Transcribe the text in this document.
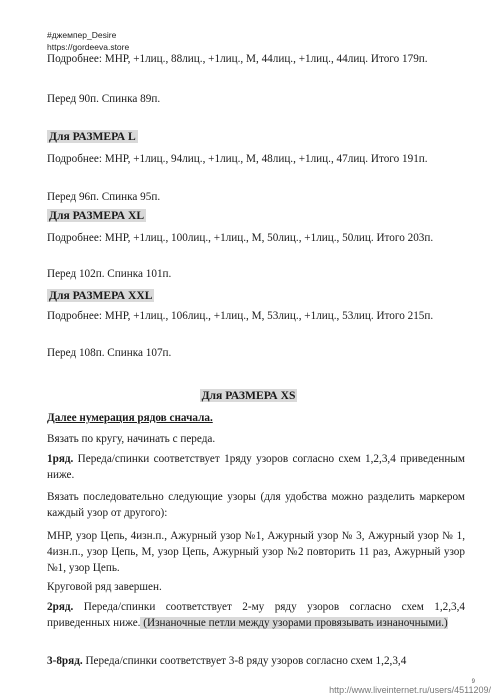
#джемпер_Desire
https://gordeeva.store
Подробнее: МНР, +1лиц., 88лиц., +1лиц., М, 44лиц., +1лиц., 44лиц. Итого 179п.
Перед 90п. Спинка 89п.
Для РАЗМЕРА L
Подробнее: МНР, +1лиц., 94лиц., +1лиц., М, 48лиц., +1лиц., 47лиц. Итого 191п.
Перед 96п. Спинка 95п.
Для РАЗМЕРА XL
Подробнее: МНР, +1лиц., 100лиц., +1лиц., М, 50лиц., +1лиц., 50лиц. Итого 203п.
Перед 102п. Спинка 101п.
Для РАЗМЕРА XXL
Подробнее: МНР, +1лиц., 106лиц., +1лиц., М, 53лиц., +1лиц., 53лиц. Итого 215п.
Перед 108п. Спинка 107п.
Для РАЗМЕРА XS
Далее нумерация рядов сначала.
Вязать по кругу, начинать с переда.
1ряд. Переда/спинки соответствует 1ряду узоров согласно схем 1,2,3,4 приведенным ниже.
Вязать последовательно следующие узоры (для удобства можно разделить маркером каждый узор от другого):
МНР, узор Цепь, 4изн.п., Ажурный узор №1, Ажурный узор № 3, Ажурный узор № 1, 4изн.п., узор Цепь, М, узор Цепь, Ажурный узор №2 повторить 11 раз, Ажурный узор №1, узор Цепь.
Круговой ряд завершен.
2ряд. Переда/спинки соответствует 2-му ряду узоров согласно схем 1,2,3,4 приведенных ниже. (Изнаночные петли между узорами провязывать изнаночными.)
3-8ряд. Переда/спинки соответствует 3-8 ряду узоров согласно схем 1,2,3,4
9
http://www.liveinternet.ru/users/4511209/
